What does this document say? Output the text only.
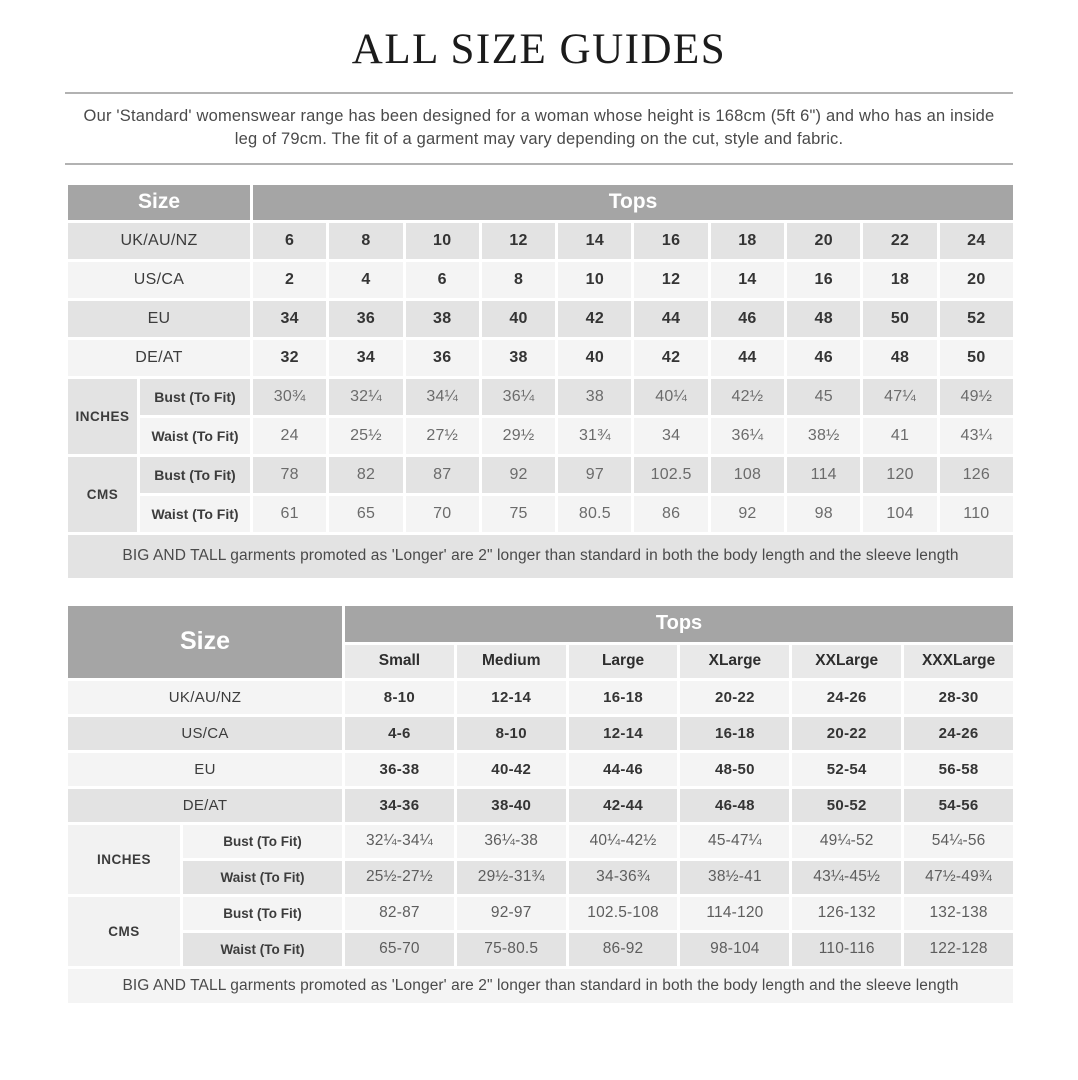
ALL SIZE GUIDES

Our 'Standard' womenswear range has been designed for a woman whose height is 168cm (5ft 6") and who has an inside leg of 79cm. The fit of a garment may vary depending on the cut, style and fabric.

Size		Tops									
UK/AU/NZ		6	8	10	12	14	16	18	20	22	24
US/CA		2	4	6	8	10	12	14	16	18	20
EU		34	36	38	40	42	44	46	48	50	52
DE/AT		32	34	36	38	40	42	44	46	48	50
INCHES	Bust (To Fit)	30¾	32¼	34¼	36¼	38	40¼	42½	45	47¼	49½
	Waist (To Fit)	24	25½	27½	29½	31¾	34	36¼	38½	41	43¼
CMS	Bust (To Fit)	78	82	87	92	97	102.5	108	114	120	126
	Waist (To Fit)	61	65	70	75	80.5	86	92	98	104	110
BIG AND TALL garments promoted as 'Longer' are 2" longer than standard in both the body length and the sleeve length											
Size		Tops					
		Small	Medium	Large	XLarge	XXLarge	XXXLarge
UK/AU/NZ		8-10	12-14	16-18	20-22	24-26	28-30
US/CA		4-6	8-10	12-14	16-18	20-22	24-26
EU		36-38	40-42	44-46	48-50	52-54	56-58
DE/AT		34-36	38-40	42-44	46-48	50-52	54-56
INCHES	Bust (To Fit)	32¼-34¼	36¼-38	40¼-42½	45-47¼	49¼-52	54¼-56
	Waist (To Fit)	25½-27½	29½-31¾	34-36¾	38½-41	43¼-45½	47½-49¾
CMS	Bust (To Fit)	82-87	92-97	102.5-108	114-120	126-132	132-138
	Waist (To Fit)	65-70	75-80.5	86-92	98-104	110-116	122-128
BIG AND TALL garments promoted as 'Longer' are 2" longer than standard in both the body length and the sleeve length							
